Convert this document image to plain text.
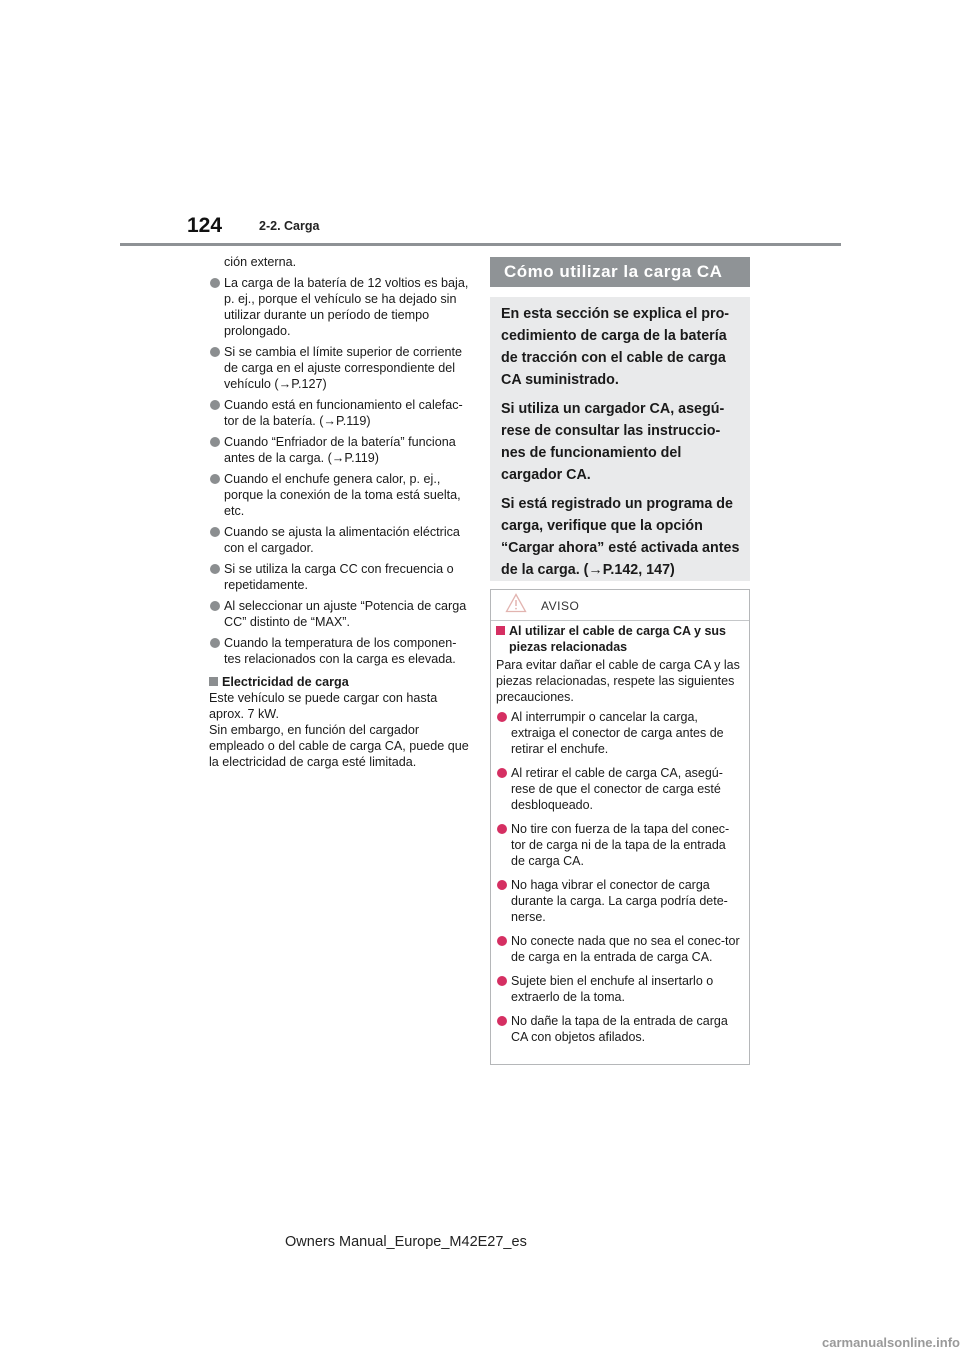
124	2-2. Carga

ción externa.

La carga de la batería de 12 voltios es baja, p. ej., porque el vehículo se ha dejado sin utilizar durante un período de tiempo prolongado.
Si se cambia el límite superior de corriente de carga en el ajuste correspondiente del vehículo (→P.127)
Cuando está en funcionamiento el calefac-tor de la batería. (→P.119)
Cuando “Enfriador de la batería” funciona antes de la carga. (→P.119)
Cuando el enchufe genera calor, p. ej., porque la conexión de la toma está suelta, etc.
Cuando se ajusta la alimentación eléctrica con el cargador.
Si se utiliza la carga CC con frecuencia o repetidamente.
Al seleccionar un ajuste “Potencia de carga CC” distinto de “MAX”.
Cuando la temperatura de los componen-tes relacionados con la carga es elevada.
Electricidad de carga

Este vehículo se puede cargar con hasta aprox. 7 kW.

Sin embargo, en función del cargador empleado o del cable de carga CA, puede que la electricidad de carga esté limitada.

Cómo utilizar la carga CA

En esta sección se explica el pro-cedimiento de carga de la batería de tracción con el cable de carga CA suministrado.

Si utiliza un cargador CA, asegú-rese de consultar las instruccio-nes de funcionamiento del cargador CA.

Si está registrado un programa de carga, verifique que la opción “Cargar ahora” esté activada antes de la carga. (→P.142, 147)

AVISO
Al utilizar el cable de carga CA y sus piezas relacionadas

Para evitar dañar el cable de carga CA y las piezas relacionadas, respete las siguientes precauciones.

Al interrumpir o cancelar la carga, extraiga el conector de carga antes de retirar el enchufe.
Al retirar el cable de carga CA, asegú-rese de que el conector de carga esté desbloqueado.
No tire con fuerza de la tapa del conec-tor de carga ni de la tapa de la entrada de carga CA.
No haga vibrar el conector de carga durante la carga. La carga podría dete-nerse.
No conecte nada que no sea el conec-tor de carga en la entrada de carga CA.
Sujete bien el enchufe al insertarlo o extraerlo de la toma.
No dañe la tapa de la entrada de carga CA con objetos afilados.
Owners Manual_Europe_M42E27_es
carmanualsonline.info
